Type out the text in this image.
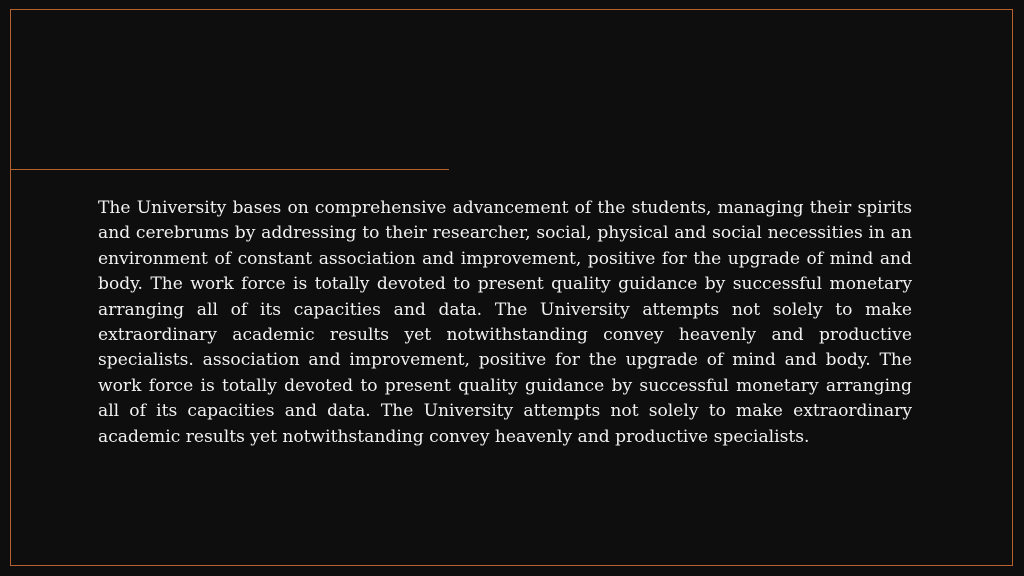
The University bases on comprehensive advancement of the students, managing their spirits and cerebrums by addressing to their researcher, social, physical and social necessities in an environment of constant association and improvement, positive for the upgrade of mind and body. The work force is totally devoted to present quality guidance by successful monetary arranging all of its capacities and data. The University attempts not solely to make extraordinary academic results yet notwithstanding convey heavenly and productive specialists. association and improvement, positive for the upgrade of mind and body. The work force is totally devoted to present quality guidance by successful monetary arranging all of its capacities and data. The University attempts not solely to make extraordinary academic results yet notwithstanding convey heavenly and productive specialists.
